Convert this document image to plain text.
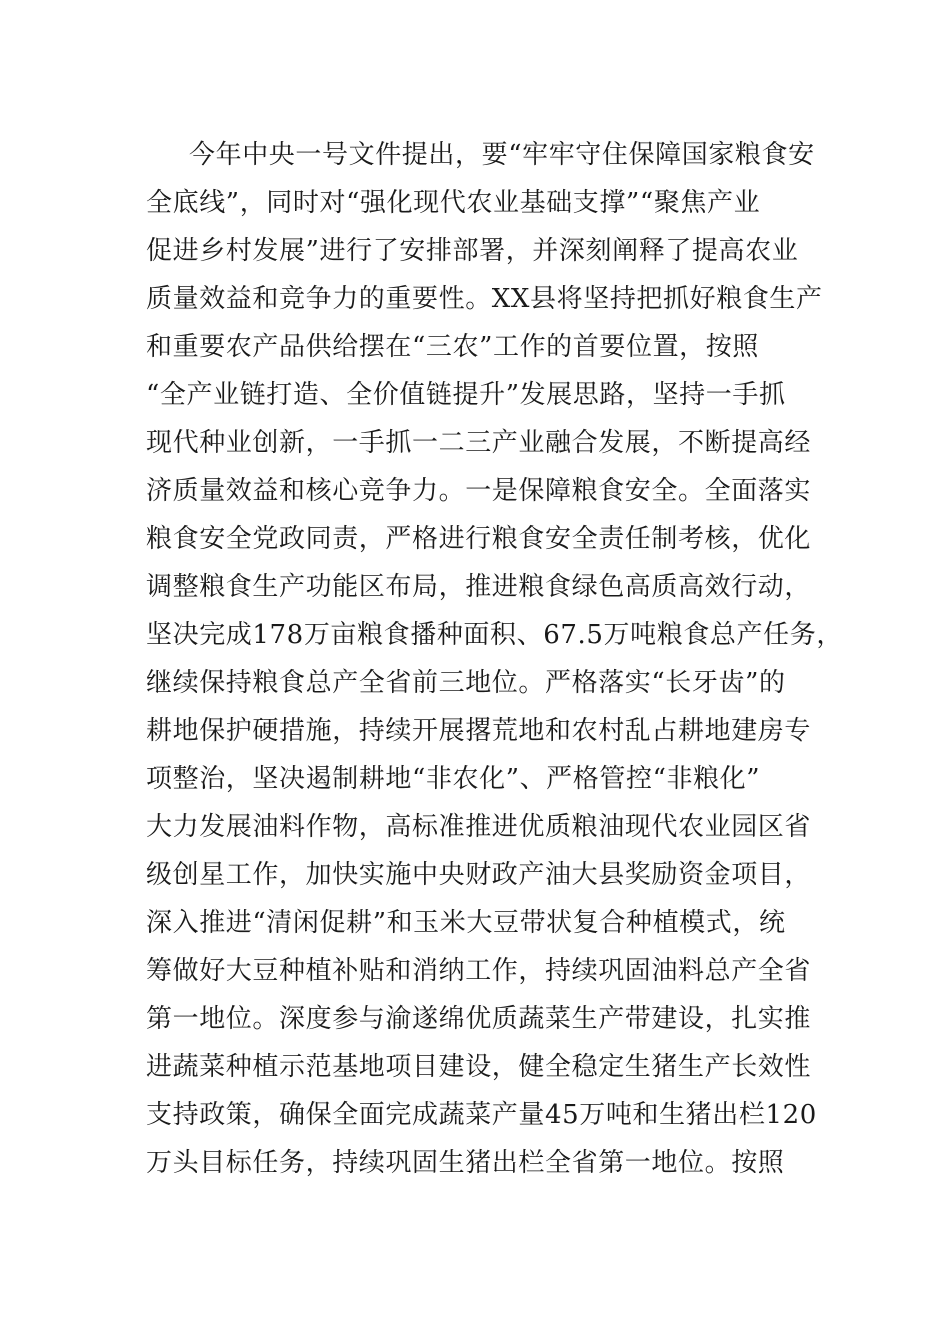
今年中央一号文件提出，要“牢牢守住保障国家粮食安
全底线”，同时对“强化现代农业基础支撑”“聚焦产业
促进乡村发展”进行了安排部署，并深刻阐释了提高农业
质量效益和竞争力的重要性。XX县将坚持把抓好粮食生产
和重要农产品供给摆在“三农”工作的首要位置，按照
“全产业链打造、全价值链提升”发展思路，坚持一手抓
现代种业创新，一手抓一二三产业融合发展，不断提高经
济质量效益和核心竞争力。一是保障粮食安全。全面落实
粮食安全党政同责，严格进行粮食安全责任制考核，优化
调整粮食生产功能区布局，推进粮食绿色高质高效行动，
坚决完成178万亩粮食播种面积、67.5万吨粮食总产任务，
继续保持粮食总产全省前三地位。严格落实“长牙齿”的
耕地保护硬措施，持续开展撂荒地和农村乱占耕地建房专
项整治，坚决遏制耕地“非农化”、严格管控“非粮化”
大力发展油料作物，高标准推进优质粮油现代农业园区省
级创星工作，加快实施中央财政产油大县奖励资金项目，
深入推进“清闲促耕”和玉米大豆带状复合种植模式，统
筹做好大豆种植补贴和消纳工作，持续巩固油料总产全省
第一地位。深度参与渝遂绵优质蔬菜生产带建设，扎实推
进蔬菜种植示范基地项目建设，健全稳定生猪生产长效性
支持政策，确保全面完成蔬菜产量45万吨和生猪出栏120
万头目标任务，持续巩固生猪出栏全省第一地位。按照
